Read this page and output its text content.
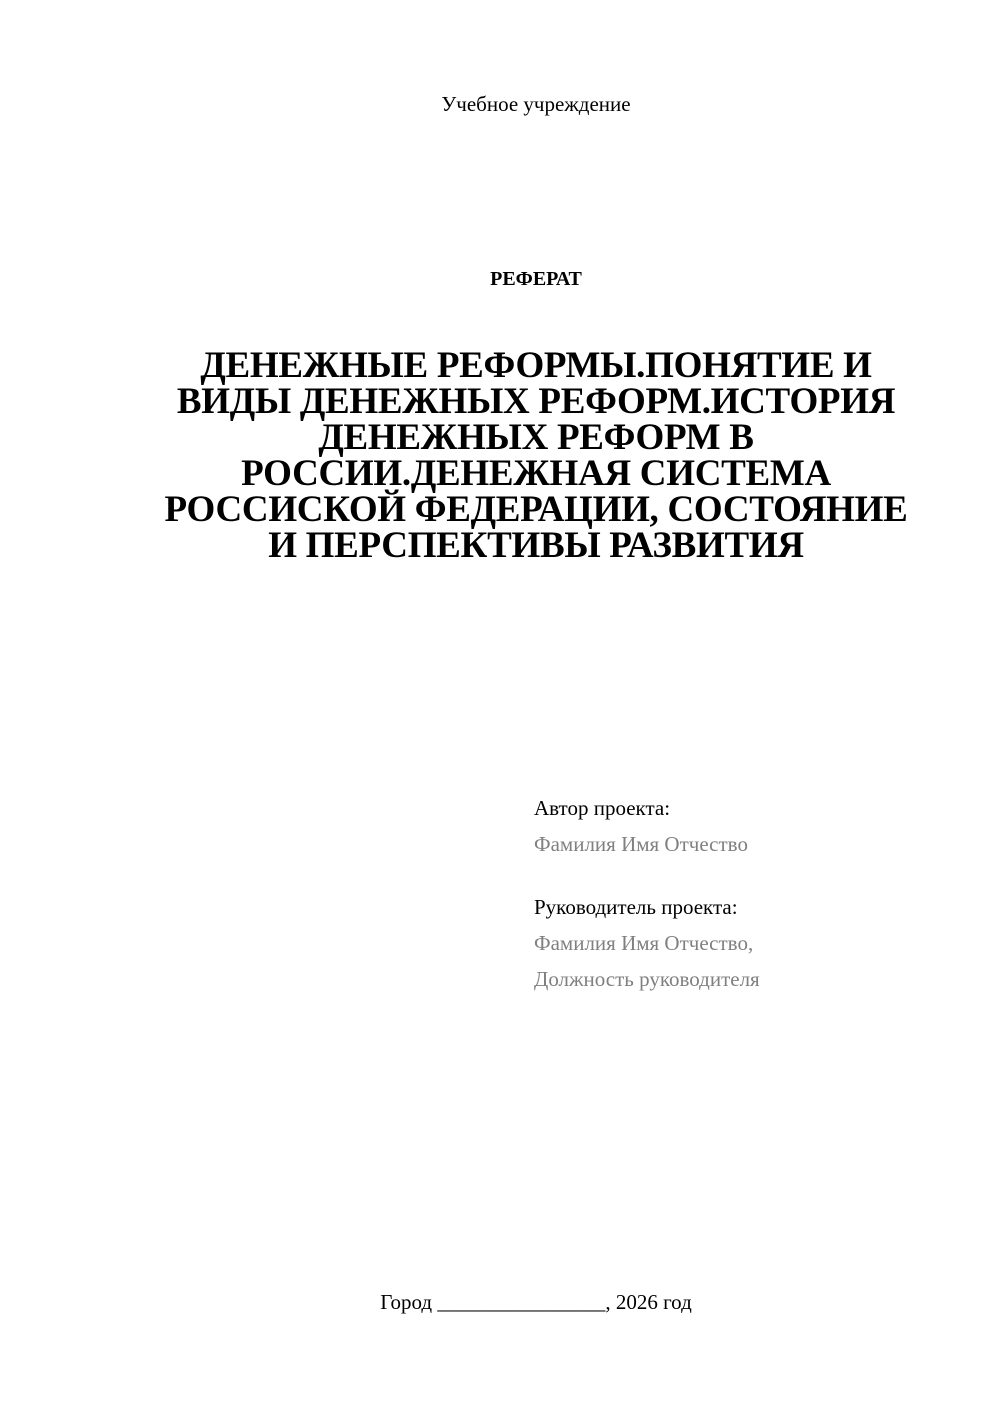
Учебное учреждение
РЕФЕРАТ
ДЕНЕЖНЫЕ РЕФОРМЫ.ПОНЯТИЕ И ВИДЫ ДЕНЕЖНЫХ РЕФОРМ.ИСТОРИЯ ДЕНЕЖНЫХ РЕФОРМ В РОССИИ.ДЕНЕЖНАЯ СИСТЕМА РОССИСКОЙ ФЕДЕРАЦИИ, СОСТОЯНИЕ И ПЕРСПЕКТИВЫ РАЗВИТИЯ
Автор проекта:
Фамилия Имя Отчество
Руководитель проекта:
Фамилия Имя Отчество,
Должность руководителя
Город ________________, 2026 год
